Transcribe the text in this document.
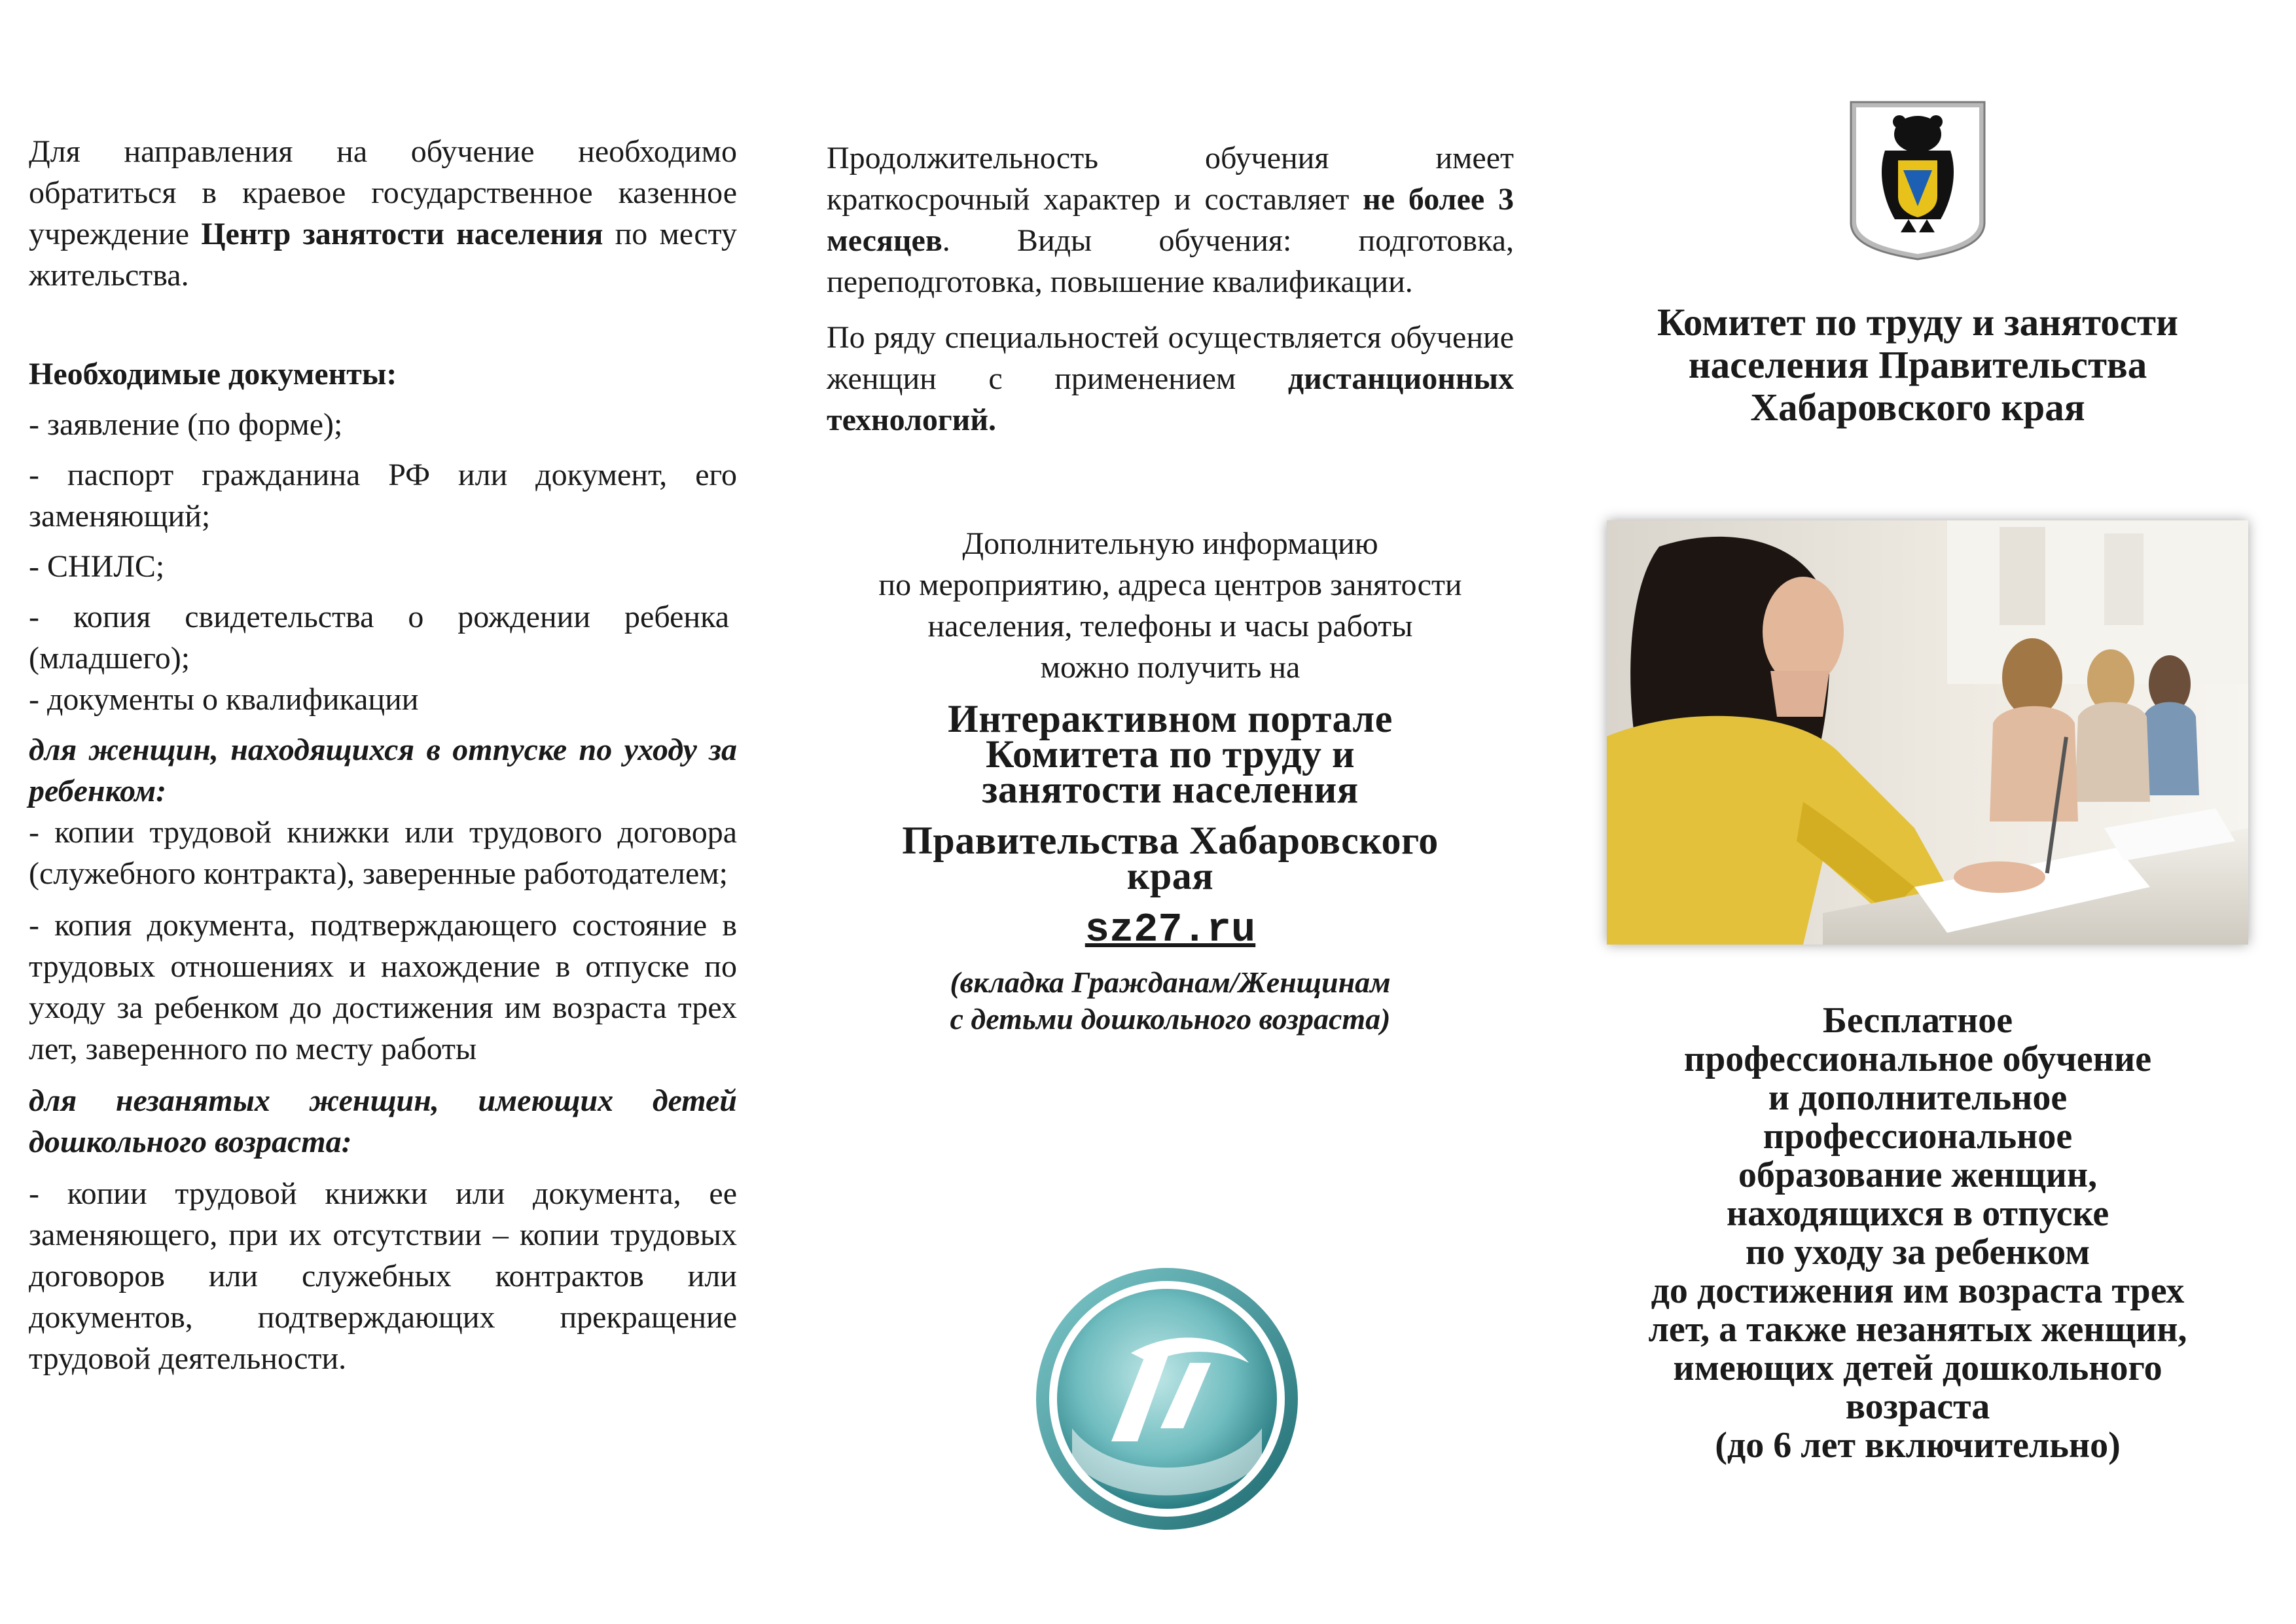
Для направления на обучение необходимо обратиться в краевое государственное казенное учреждение Центр занятости населения по месту жительства.

Необходимые документы:

- заявление (по форме);

- паспорт гражданина РФ или документ, его заменяющий;

- СНИЛС;

- копия свидетельства о рождении ребенка (младшего);

- документы о квалификации

для женщин, находящихся в отпуске по уходу за ребенком:

- копии трудовой книжки или трудового договора (служебного контракта), заверенные работодателем;

- копия документа, подтверждающего состояние в трудовых отношениях и нахождение в отпуске по уходу за ребенком до достижения им возраста трех лет, заверенного по месту работы

для незанятых женщин, имеющих детей дошкольного возраста:

- копии трудовой книжки или документа, ее заменяющего, при их отсутствии – копии трудовых договоров или служебных контрактов или документов, подтверждающих прекращение трудовой деятельности.

Продолжительность обучения имеет краткосрочный характер и составляет не более 3 месяцев. Виды обучения: подготовка, переподготовка, повышение квалификации.

По ряду специальностей осуществляется обучение женщин с применением дистанционных технологий.

Дополнительную информацию
по мероприятию, адреса центров занятости
населения, телефоны и часы работы
можно получить на
Интерактивном портале
Комитета по труду и
занятости населения
Правительства Хабаровского
края
sz27.ru
(вкладка Гражданам/Женщинам
с детьми дошкольного возраста)
Комитет по труду и занятости
населения Правительства
Хабаровского края
Бесплатное
профессиональное обучение
и дополнительное
профессиональное
образование женщин,
находящихся в отпуске
по уходу за ребенком
до достижения им возраста трех
лет, а также незанятых женщин,
имеющих детей дошкольного
возраста
(до 6 лет включительно)
